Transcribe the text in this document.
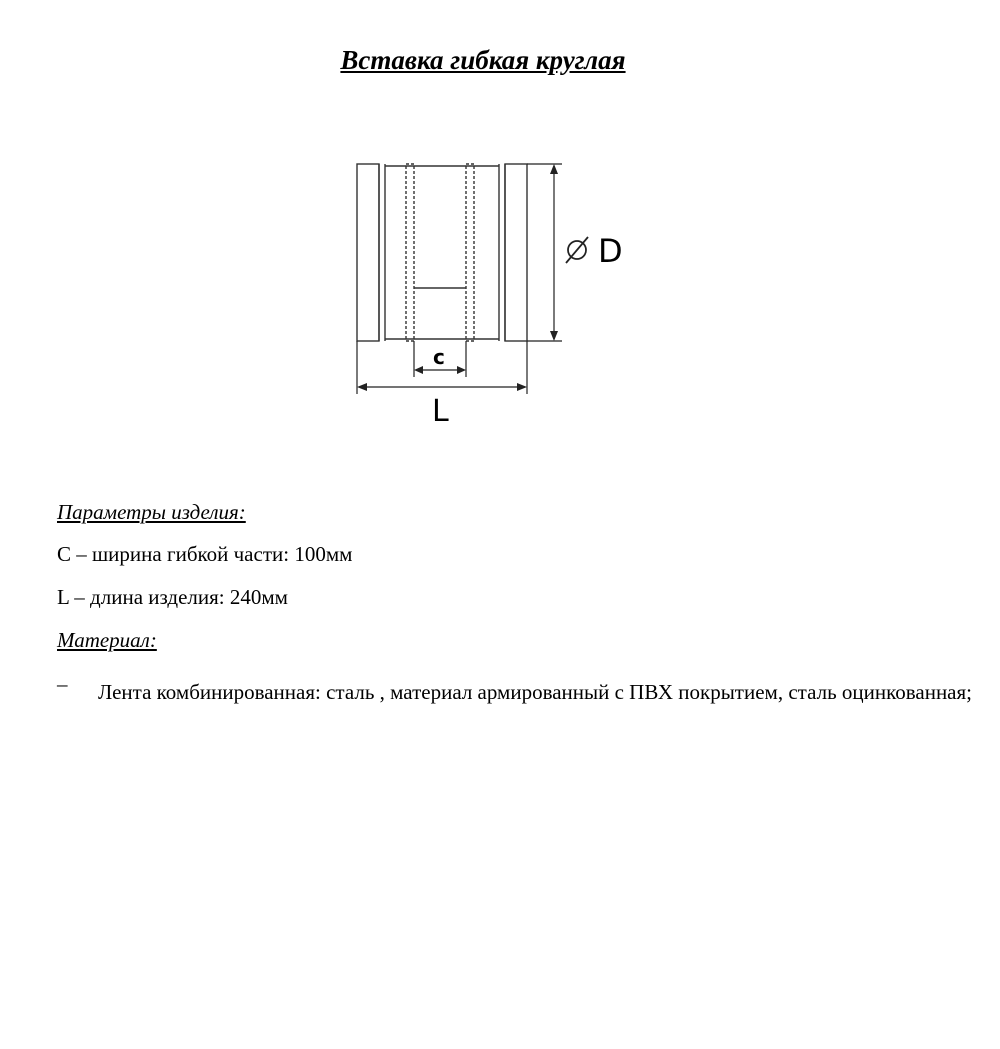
Вставка гибкая круглая
D
c
L

Параметры изделия:

С – ширина гибкой части: 100мм

L – длина изделия: 240мм

Материал:

– Лента комбинированная: сталь , материал армированный с ПВХ покрытием, сталь оцинкованная;
